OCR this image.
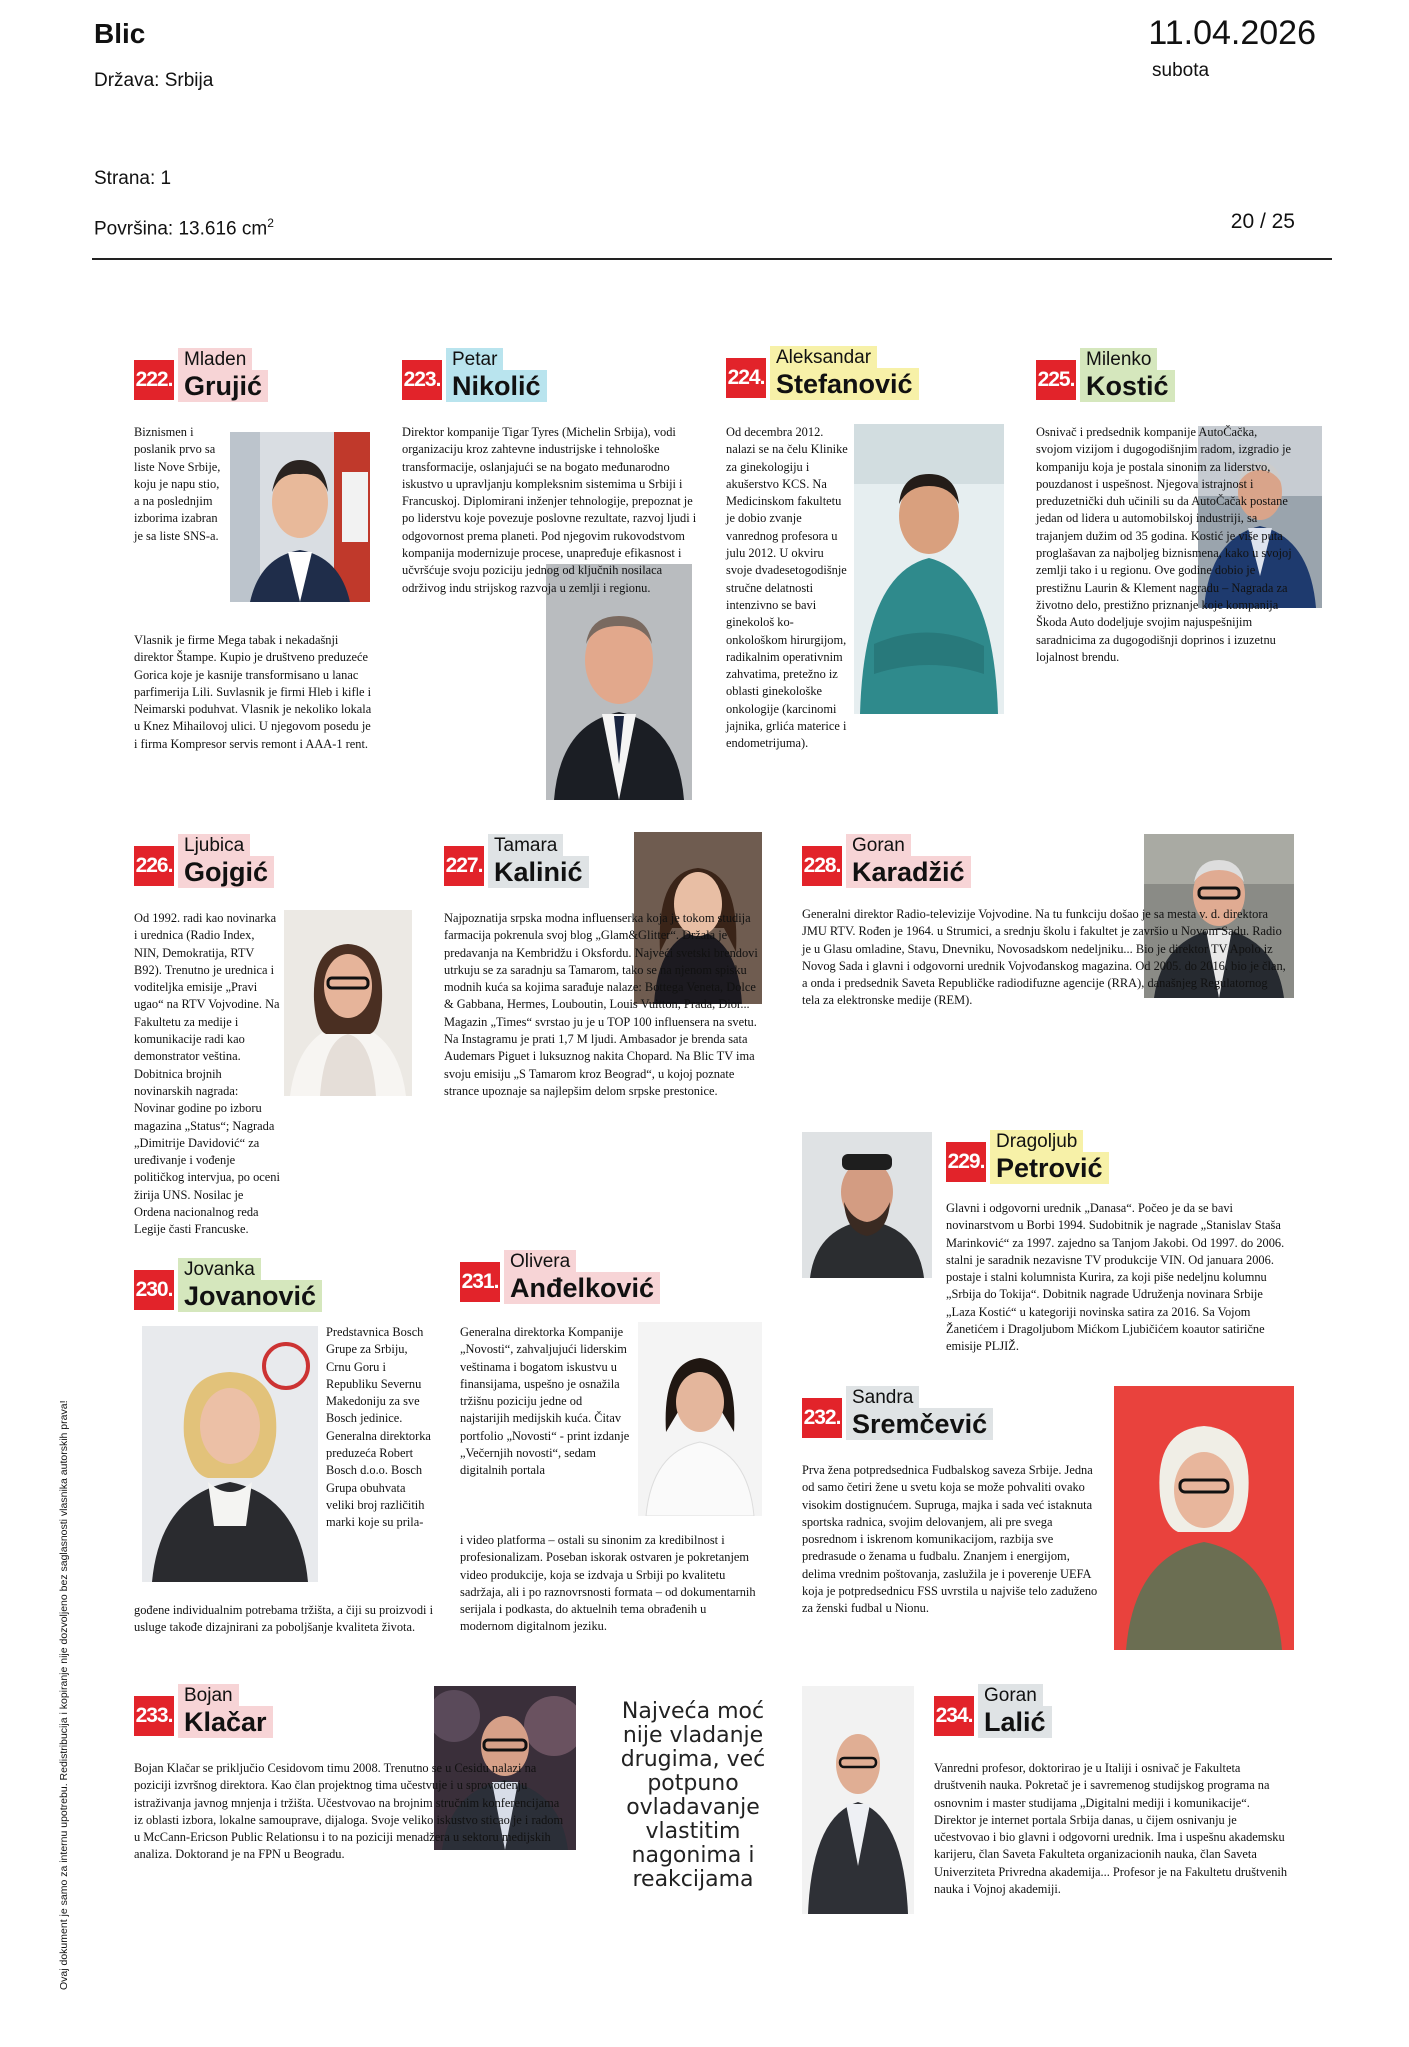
Blic
Država: Srbija
Strana: 1
Površina: 13.616 $cm^2$
11.04.2026
subota
20 / 25
Ovaj dokument je samo za internu upotrebu. Redistribucija i kopiranje nije dozvoljeno bez saglasnosti vlasnika autorskih prava!
222.
Mladen
Grujić
Biznismen i poslanik prvo sa liste Nove Srbije, koju je napu stio, a na poslednjim izborima izabran je sa liste SNS-a.
Vlasnik je firme Mega tabak i nekadašnji direktor Štampe. Kupio je društveno preduzeće Gorica koje je kasnije transformisano u lanac parfimerija Lili. Suvlasnik je firmi Hleb i kifle i Neimarski poduhvat. Vlasnik je nekoliko lokala u Knez Mihailovoj ulici. U njegovom posedu je i firma Kompresor servis remont i AAA-1 rent.
223.
Petar
Nikolić

Direktor kompanije Tigar Tyres (Michelin Srbija), vodi organizaciju kroz zahtevne industrijske i tehnološke transformacije, oslanjajući se na bogato međunarodno iskustvo u upravljanju kompleksnim sistemima u Srbiji i Francuskoj. Diplomirani inženjer tehnologije, prepoznat je po liderstvu koje povezuje poslovne rezultate, razvoj ljudi i odgovornost prema planeti. Pod njegovim rukovodstvom kompanija modernizuje procese, unapređuje efikasnost i učvršćuje svoju poziciju jednog od ključnih nosilaca održivog indu strijskog razvoja u zemlji i regionu.

224.
Aleksandar
Stefanović

Od decembra 2012. nalazi se na čelu Klinike za ginekologiju i akušerstvo KCS. Na Medicinskom fakultetu je dobio zvanje vanrednog profesora u julu 2012. U okviru svoje dvadesetogodišnje stručne delatnosti intenzivno se bavi ginekološ ko-onkološkom hirurgijom, radikalnim operativnim zahvatima, pretežno iz oblasti ginekološke onkologije (karcinomi jajnika, grlića materice i endometrijuma).

225.
Milenko
Kostić

Osnivač i predsednik kompanije AutoČačka, svojom vizijom i dugogodišnjim radom, izgradio je kompaniju koja je postala sinonim za liderstvo, pouzdanost i uspešnost. Njegova istrajnost i preduzetnički duh učinili su da AutoČačak postane jedan od lidera u automobilskoj industriji, sa trajanjem dužim od 35 godina. Kostić je više puta proglašavan za najboljeg biznismena, kako u svojoj zemlji tako i u regionu. Ove godine dobio je prestižnu Laurin & Klement nagradu – Nagrada za životno delo, prestižno priznanje koje kompanija Škoda Auto dodeljuje svojim najuspešnijim saradnicima za dugogodišnji doprinos i izuzetnu lojalnost brendu.

226.
Ljubica
Gojgić

Od 1992. radi kao novinarka i urednica (Radio Index, NIN, Demokratija, RTV B92). Trenutno je urednica i voditeljka emisije „Pravi ugao“ na RTV Vojvodine. Na Fakultetu za medije i komunikacije radi kao demonstrator veština. Dobitnica brojnih novinarskih nagrada: Novinar godine po izboru magazina „Status“; Nagrada „Dimitrije Davidović“ za uređivanje i vođenje političkog intervjua, po oceni žirija UNS. Nosilac je Ordena nacionalnog reda Legije časti Francuske.

227.
Tamara
Kalinić

Najpoznatija srpska modna influenserka koja je tokom studija farmacija pokrenula svoj blog „Glam&Glitter“. Držala je predavanja na Kembridžu i Oksfordu. Najveći svetski brendovi utrkuju se za saradnju sa Tamarom, tako se na njenom spisku modnih kuća sa kojima sarađuje nalaze: Bottega Veneta, Dolce & Gabbana, Hermes, Louboutin, Louis Vuitton, Prada, Dior... Magazin „Times“ svrstao ju je u TOP 100 influensera na svetu. Na Instagramu je prati 1,7 M ljudi. Ambasador je brenda sata Audemars Piguet i luksuznog nakita Chopard. Na Blic TV ima svoju emisiju „S Tamarom kroz Beograd“, u kojoj poznate strance upoznaje sa najlepšim delom srpske prestonice.

228.
Goran
Karadžić

Generalni direktor Radio-televizije Vojvodine. Na tu funkciju došao je sa mesta v. d. direktora JMU RTV. Rođen je 1964. u Strumici, a srednju školu i fakultet je završio u Novom Sadu. Radio je u Glasu omladine, Stavu, Dnevniku, Novosadskom nedeljniku... Bio je direktor TV Apolo iz Novog Sada i glavni i odgovorni urednik Vojvođanskog magazina. Od 2005. do 2016. bio je član, a onda i predsednik Saveta Republičke radiodifuzne agencije (RRA), današnjeg Regulatornog tela za elektronske medije (REM).

229.
Dragoljub
Petrović

Glavni i odgovorni urednik „Danasa“. Počeo je da se bavi novinarstvom u Borbi 1994. Sudobitnik je nagrade „Stanislav Staša Marinković“ za 1997. zajedno sa Tanjom Jakobi. Od 1997. do 2006. stalni je saradnik nezavisne TV produkcije VIN. Od januara 2006. postaje i stalni kolumnista Kurira, za koji piše nedeljnu kolumnu „Srbija do Tokija“. Dobitnik nagrade Udruženja novinara Srbije „Laza Kostić“ u kategoriji novinska satira za 2016. Sa Vojom Žanetićem i Dragoljubom Mićkom Ljubičićem koautor satirične emisije PLJIŽ.

230.
Jovanka
Jovanović
Predstavnica Bosch Grupe za Srbiju, Crnu Goru i Republiku Severnu Makedoniju za sve Bosch jedinice. Generalna direktorka preduzeća Robert Bosch d.o.o. Bosch Grupa obuhvata veliki broj različitih marki koje su prila-
gođene individualnim potrebama tržišta, a čiji su proizvodi i usluge takođe dizajnirani za poboljšanje kvaliteta života.
231.
Olivera
Anđelković
Generalna direktorka Kompanije „Novosti“, zahvaljujući liderskim veštinama i bogatom iskustvu u finansijama, uspešno je osnažila tržišnu poziciju jedne od najstarijih medijskih kuća. Čitav portfolio „Novosti“ - print izdanje „Večernjih novosti“, sedam digitalnih portala
i video platforma – ostali su sinonim za kredibilnost i profesionalizam. Poseban iskorak ostvaren je pokretanjem video produkcije, koja se izdvaja u Srbiji po kvalitetu sadržaja, ali i po raznovrsnosti formata – od dokumentarnih serijala i podkasta, do aktuelnih tema obrađenih u modernom digitalnom jeziku.
232.
Sandra
Sremčević

Prva žena potpredsednica Fudbalskog saveza Srbije. Jedna od samo četiri žene u svetu koja se može pohvaliti ovako visokim dostignućem. Supruga, majka i sada već istaknuta sportska radnica, svojim delovanjem, ali pre svega posrednom i iskrenom komunikacijom, razbija sve predrasude o ženama u fudbalu. Znanjem i energijom, delima vrednim poštovanja, zaslužila je i poverenje UEFA koja je potpredsednicu FSS uvrstila u najviše telo zaduženo za ženski fudbal u Nionu.

233.
Bojan
Klačar

Bojan Klačar se priključio Cesidovom timu 2008. Trenutno se u Cesidu nalazi na poziciji izvršnog direktora. Kao član projektnog tima učestvuje i u sprovođenju istraživanja javnog mnjenja i tržišta. Učestvovao na brojnim stručnim konferencijama iz oblasti izbora, lokalne samouprave, dijaloga. Svoje veliko iskustvo sticao je i radom u McCann-Ericson Public Relationsu i to na poziciji menadžera u sektoru medijskih analiza. Doktorand je na FPN u Beogradu.

Najveća moć nije vladanje drugima, već potpuno ovladavanje vlastitim nagonima i reakcijama
234.
Goran
Lalić

Vanredni profesor, doktorirao je u Italiji i osnivač je Fakulteta društvenih nauka. Pokretač je i savremenog studijskog programa na osnovnim i master studijama „Digitalni mediji i komunikacije“. Direktor je internet portala Srbija danas, u čijem osnivanju je učestvovao i bio glavni i odgovorni urednik. Ima i uspešnu akademsku karijeru, član Saveta Fakulteta organizacionih nauka, član Saveta Univerziteta Privredna akademija... Profesor je na Fakultetu društvenih nauka i Vojnoj akademiji.
